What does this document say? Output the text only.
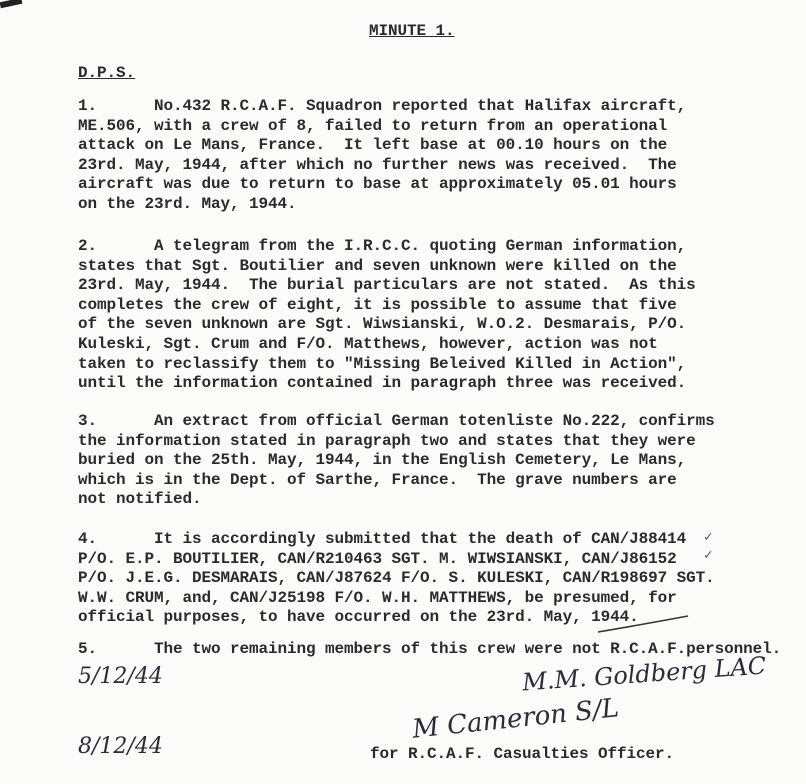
MINUTE 1.
D.P.S.
1.      No.432 R.C.A.F. Squadron reported that Halifax aircraft,
ME.506, with a crew of 8, failed to return from an operational
attack on Le Mans, France.  It left base at 00.10 hours on the
23rd. May, 1944, after which no further news was received.  The
aircraft was due to return to base at approximately 05.01 hours
on the 23rd. May, 1944.
2.      A telegram from the I.R.C.C. quoting German information,
states that Sgt. Boutilier and seven unknown were killed on the
23rd. May, 1944.  The burial particulars are not stated.  As this
completes the crew of eight, it is possible to assume that five
of the seven unknown are Sgt. Wiwsianski, W.O.2. Desmarais, P/O.
Kuleski, Sgt. Crum and F/O. Matthews, however, action was not
taken to reclassify them to "Missing Beleived Killed in Action",
until the information contained in paragraph three was received.
3.      An extract from official German totenliste No.222, confirms
the information stated in paragraph two and states that they were
buried on the 25th. May, 1944, in the English Cemetery, Le Mans,
which is in the Dept. of Sarthe, France.  The grave numbers are
not notified.
4.      It is accordingly submitted that the death of CAN/J88414
P/O. E.P. BOUTILIER, CAN/R210463 SGT. M. WIWSIANSKI, CAN/J86152
P/O. J.E.G. DESMARAIS, CAN/J87624 F/O. S. KULESKI, CAN/R198697 SGT.
W.W. CRUM, and, CAN/J25198 F/O. W.H. MATTHEWS, be presumed, for
official purposes, to have occurred on the 23rd. May, 1944.
5.      The two remaining members of this crew were not R.C.A.F.personnel.
✓
✓
5/12/44	M.M. Goldberg LAC
M Cameron S/L
8/12/44	for R.C.A.F. Casualties Officer.
